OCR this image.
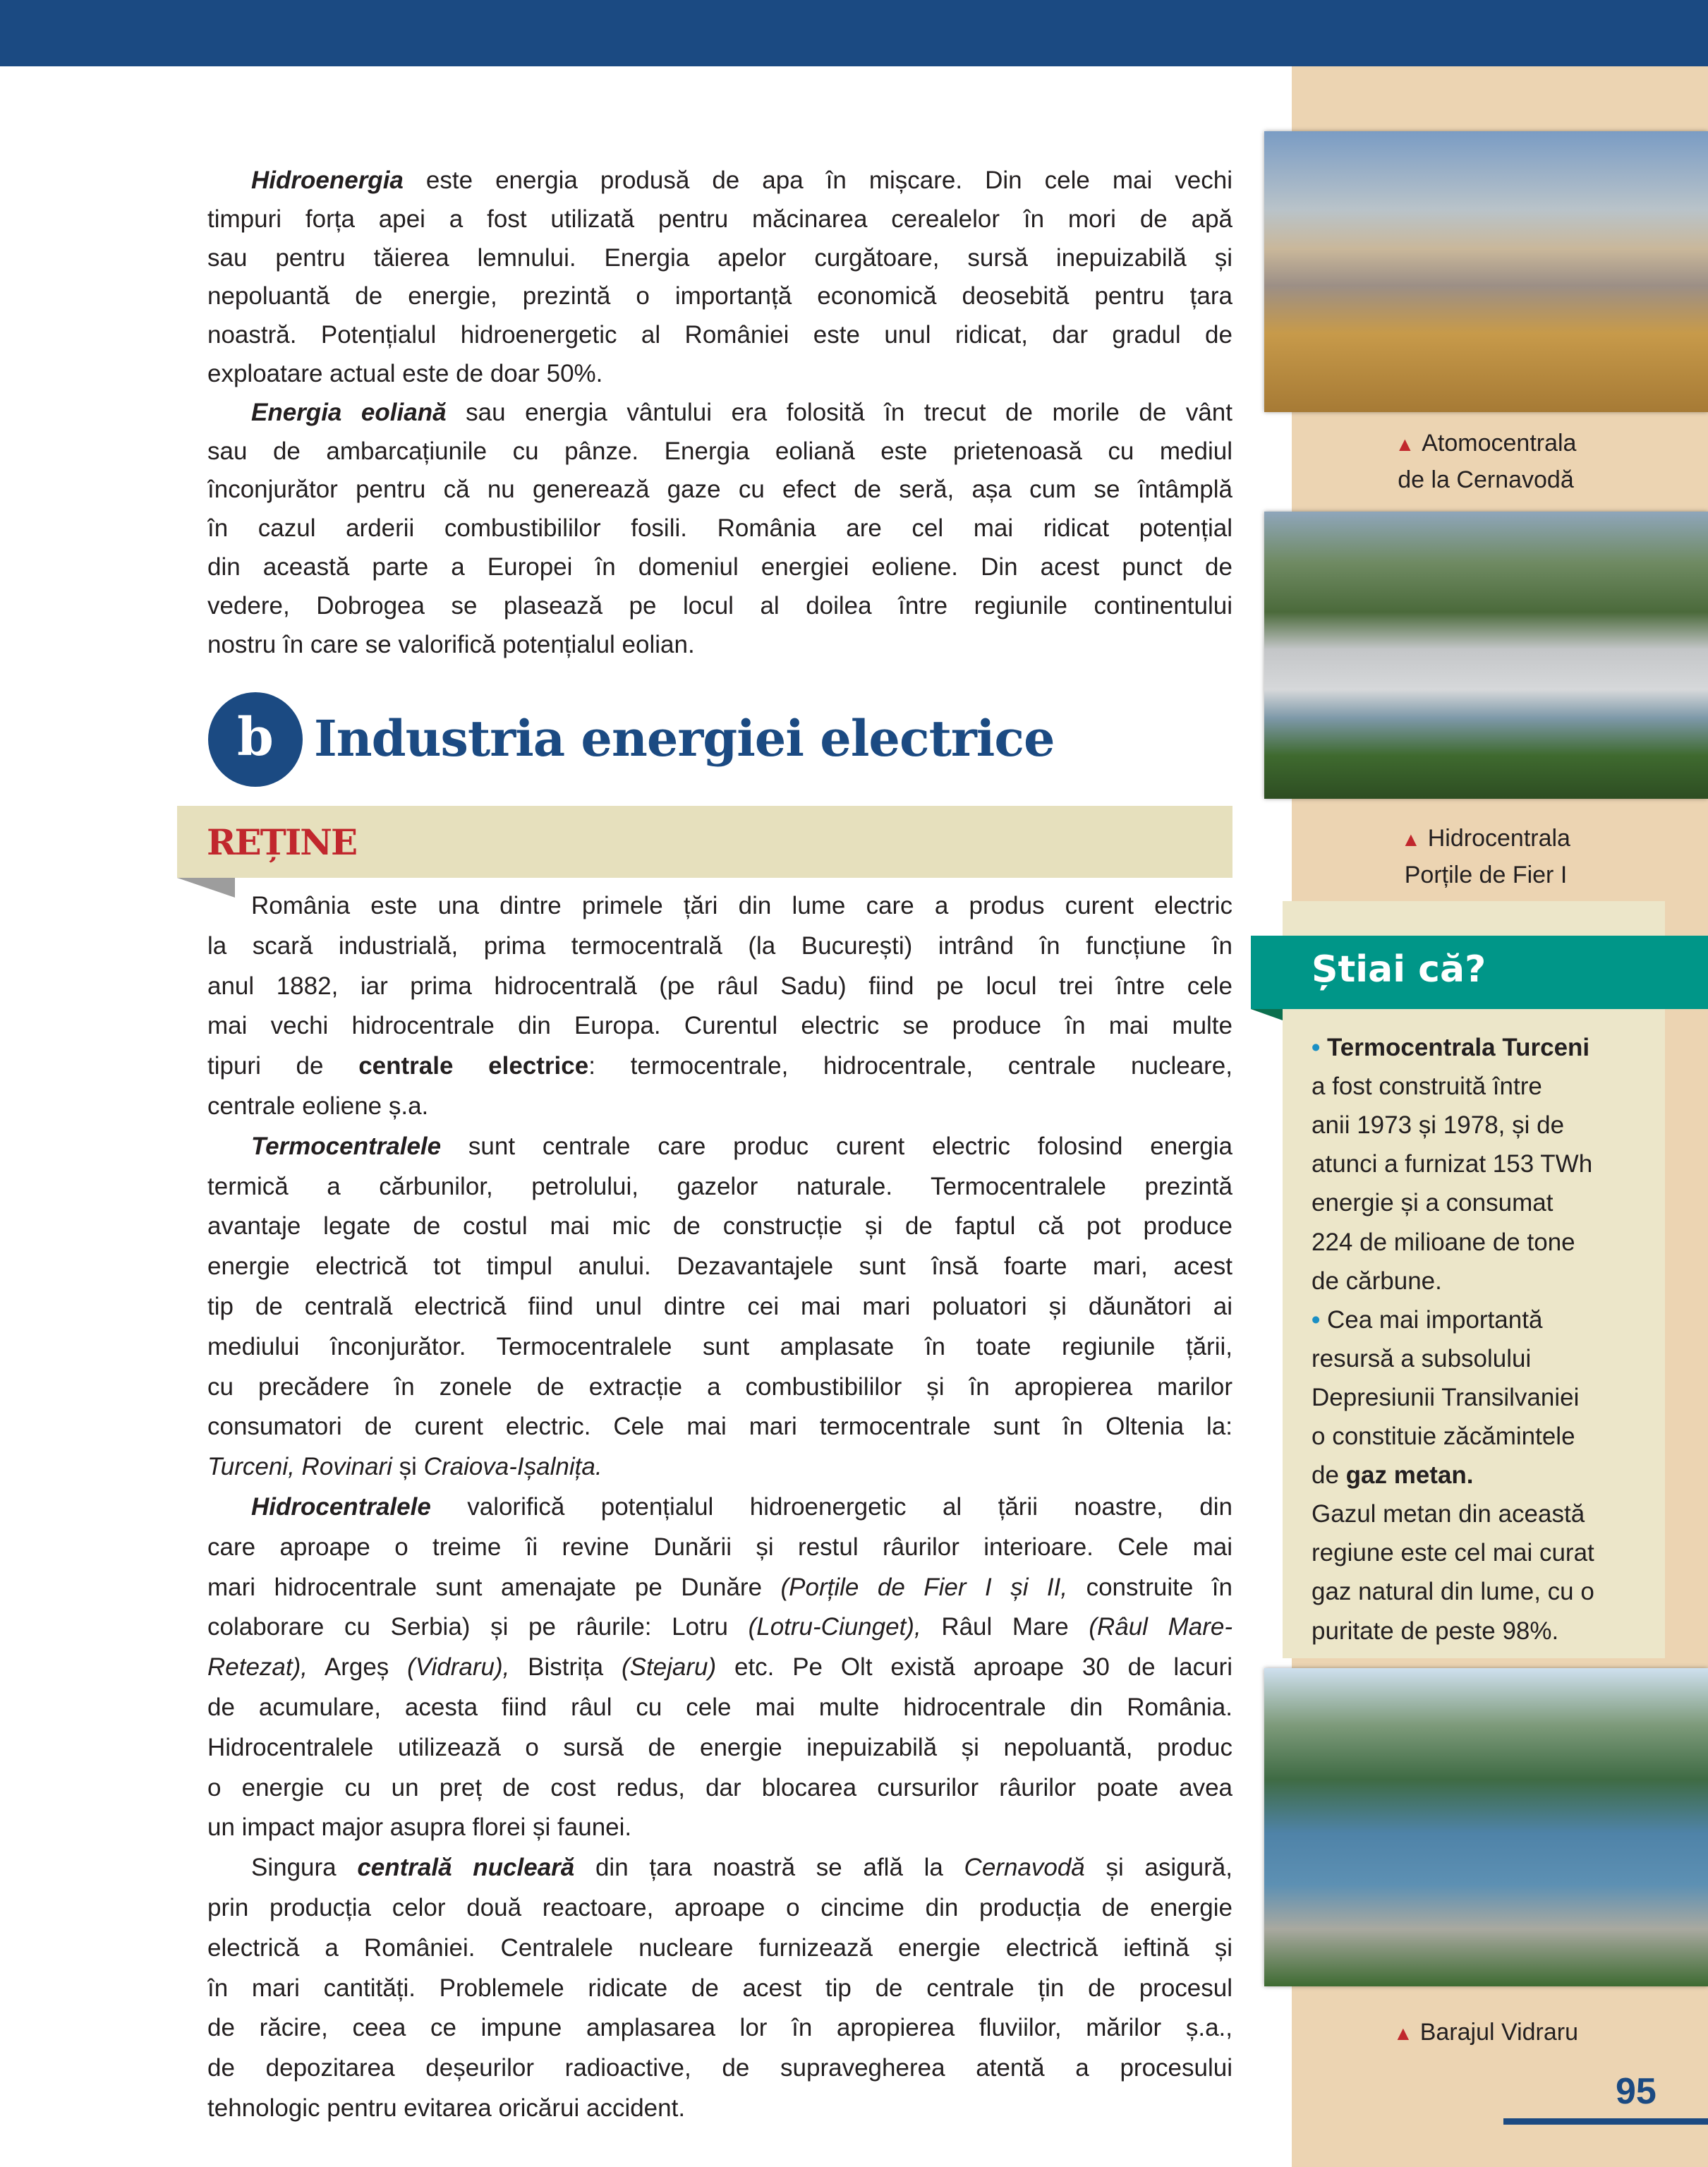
Hidroenergia este energia produsă de apa în mișcare. Din cele mai vechi
timpuri forța apei a fost utilizată pentru măcinarea cerealelor în mori de apă
sau pentru tăierea lemnului. Energia apelor curgătoare, sursă inepuizabilă și
nepoluantă de energie, prezintă o importanță economică deosebită pentru țara
noastră. Potențialul hidroenergetic al României este unul ridicat, dar gradul de
exploatare actual este de doar 50%.
Energia eoliană sau energia vântului era folosită în trecut de morile de vânt
sau de ambarcațiunile cu pânze. Energia eoliană este prietenoasă cu mediul
înconjurător pentru că nu generează gaze cu efect de seră, așa cum se întâmplă
în cazul arderii combustibililor fosili. România are cel mai ridicat potențial
din această parte a Europei în domeniul energiei eoliene. Din acest punct de
vedere, Dobrogea se plasează pe locul al doilea între regiunile continentului
nostru în care se valorifică potențialul eolian.
b Industria energiei electrice
REȚINE
România este una dintre primele țări din lume care a produs curent electric
la scară industrială, prima termocentrală (la București) intrând în funcțiune în
anul 1882, iar prima hidrocentrală (pe râul Sadu) fiind pe locul trei între cele
mai vechi hidrocentrale din Europa. Curentul electric se produce în mai multe
tipuri de centrale electrice: termocentrale, hidrocentrale, centrale nucleare,
centrale eoliene ș.a.
Termocentralele sunt centrale care produc curent electric folosind energia
termică a cărbunilor, petrolului, gazelor naturale. Termocentralele prezintă
avantaje legate de costul mai mic de construcție și de faptul că pot produce
energie electrică tot timpul anului. Dezavantajele sunt însă foarte mari, acest
tip de centrală electrică fiind unul dintre cei mai mari poluatori și dăunători ai
mediului înconjurător. Termocentralele sunt amplasate în toate regiunile țării,
cu precădere în zonele de extracție a combustibililor și în apropierea marilor
consumatori de curent electric. Cele mai mari termocentrale sunt în Oltenia la:
Turceni, Rovinari și Craiova-Ișalnița.
Hidrocentralele valorifică potențialul hidroenergetic al țării noastre, din
care aproape o treime îi revine Dunării și restul râurilor interioare. Cele mai
mari hidrocentrale sunt amenajate pe Dunăre (Porțile de Fier I și II, construite în
colaborare cu Serbia) și pe râurile: Lotru (Lotru-Ciunget), Râul Mare (Râul Mare-
Retezat), Argeș (Vidraru), Bistrița (Stejaru) etc. Pe Olt există aproape 30 de lacuri
de acumulare, acesta fiind râul cu cele mai multe hidrocentrale din România.
Hidrocentralele utilizează o sursă de energie inepuizabilă și nepoluantă, produc
o energie cu un preț de cost redus, dar blocarea cursurilor râurilor poate avea
un impact major asupra florei și faunei.
Singura centrală nucleară din țara noastră se află la Cernavodă și asigură,
prin producția celor două reactoare, aproape o cincime din producția de energie
electrică a României. Centralele nucleare furnizează energie electrică ieftină și
în mari cantități. Problemele ridicate de acest tip de centrale țin de procesul
de răcire, ceea ce impune amplasarea lor în apropierea fluviilor, mărilor ș.a.,
de depozitarea deșeurilor radioactive, de supravegherea atentă a procesului
tehnologic pentru evitarea oricărui accident.
▲ Atomocentrala
de la Cernavodă
▲ Hidrocentrala
Porțile de Fier I
Știai că?
• Termocentrala Turceni
a fost construită între
anii 1973 și 1978, și de
atunci a furnizat 153 TWh
energie și a consumat
224 de milioane de tone
de cărbune.
• Cea mai importantă
resursă a subsolului
Depresiunii Transilvaniei
o constituie zăcămintele
de gaz metan.
Gazul metan din această
regiune este cel mai curat
gaz natural din lume, cu o
puritate de peste 98%.
▲ Barajul Vidraru
95
